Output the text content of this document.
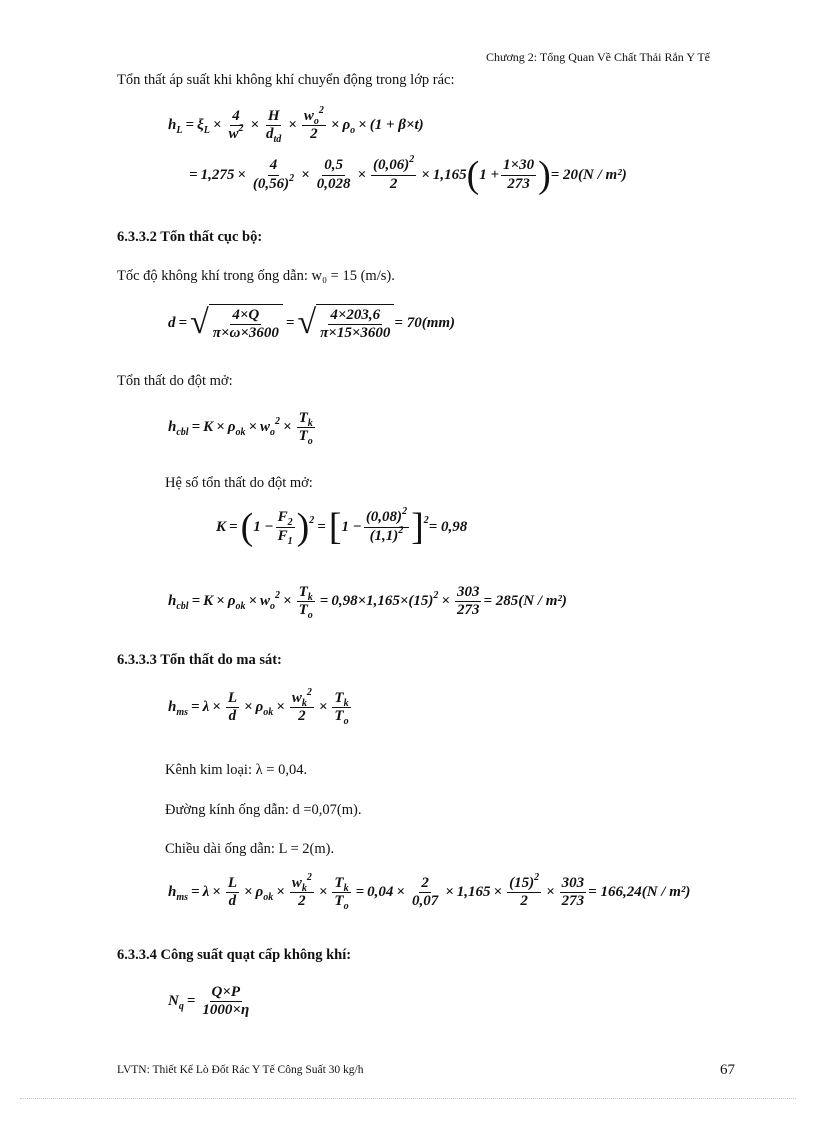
Chương 2: Tổng Quan Về Chất Thải Rắn Y Tế
Tổn thất áp suất khi không khí chuyển động trong lớp rác:
$h_L = \xi_L \times \frac{4}{w^2} \times \frac{H}{d_{td}} \times \frac{w_o^2}{2} \times \rho_o \times (1 + \beta\times t)$
= $1,275 \times \frac{4}{(0,56)^2} \times \frac{0,5}{0,028} \times \frac{(0,06)^2}{2} \times 1,165$ ( $1 + \frac{1\times 30}{273}$ ) = 20(N / m²)
6.3.3.2 Tổn thất cục bộ:
Tốc độ không khí trong ống dẫn: w₀ = 15 (m/s).
d = √ $\frac{4\times Q}{\pi\times\omega\times 3600}$ = √ $\frac{4\times 203,6}{\pi\times 15\times 3600} = 70(mm)$
Tổn thất do đột mở:
$h_{cbl} = K \times \rho_{ok} \times w_o^2 \times \frac{T_k}{T_o}$
Hệ số tổn thất do đột mở:
K = ( $1 - \frac{F_2}{F_1}$ ) 2 = [ $1 - \frac{(0,08)^2}{(1,1)^2}$ ] 2 = 0,98
$h_{cbl} = K \times \rho_{ok} \times w_o^2 \times \frac{T_k}{T_o} = 0,98\times 1,165\times(15)^2 \times \frac{303}{273} = 285(N / m^2)$
6.3.3.3 Tổn thất do ma sát:
$h_{ms} = \lambda \times \frac{L}{d} \times \rho_{ok} \times \frac{w_k^2}{2} \times \frac{T_k}{T_o}$
Kênh kim loại: λ = 0,04.
Đường kính ống dẫn: d =0,07(m).
Chiều dài ống dẫn: L = 2(m).
$h_{ms} = \lambda \times \frac{L}{d} \times \rho_{ok} \times \frac{w_k^2}{2} \times \frac{T_k}{T_o} = 0,04 \times \frac{2}{0,07} \times 1,165 \times \frac{(15)^2}{2} \times \frac{303}{273} = 166,24(N / m^2)$
6.3.3.4 Công suất quạt cấp không khí:
$N_q = \frac{Q\times P}{1000\times\eta}$
LVTN: Thiết Kế Lò Đốt Rác Y Tế Công Suất 30 kg/h	67
